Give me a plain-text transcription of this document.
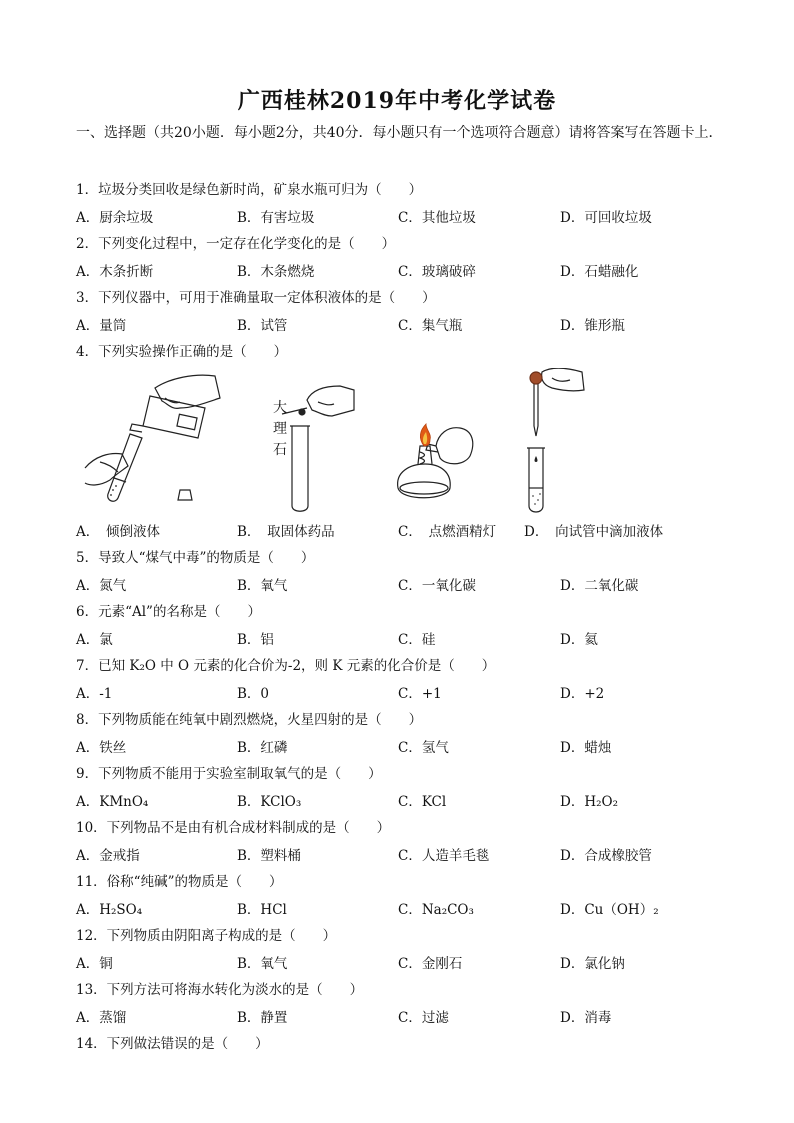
广西桂林2019年中考化学试卷
一、选择题（共20小题．每小题2分，共40分．每小题只有一个选项符合题意）请将答案写在答题卡上．
1．垃圾分类回收是绿色新时尚，矿泉水瓶可归为（　　）
A．厨余垃圾	B．有害垃圾	C．其他垃圾	D．可回收垃圾
2．下列变化过程中，一定存在化学变化的是（　　）
A．木条折断	B．木条燃烧	C．玻璃破碎	D．石蜡融化
3．下列仪器中，可用于准确量取一定体积液体的是（　　）
A．量筒	B．试管	C．集气瓶	D．锥形瓶
4．下列实验操作正确的是（　　）
大
理
石
A．　倾倒液体	B．　取固体药品	C．　点燃酒精灯 D．　向试管中滴加液体
5．导致人“煤气中毒”的物质是（　　）
A．氮气	B．氧气	C．一氧化碳	D．二氧化碳
6．元素“Al”的名称是（　　）
A．氯	B．铝	C．硅	D．氦
7．已知 K₂O 中 O 元素的化合价为-2，则 K 元素的化合价是（　　）
A．-1	B．0	C．+1	D．+2
8．下列物质能在纯氧中剧烈燃烧，火星四射的是（　　）
A．铁丝	B．红磷	C．氢气	D．蜡烛
9．下列物质不能用于实验室制取氧气的是（　　）
A．KMnO₄	B．KClO₃	C．KCl	D．H₂O₂
10．下列物品不是由有机合成材料制成的是（　　）
A．金戒指	B．塑料桶	C．人造羊毛毯	D．合成橡胶管
11．俗称“纯碱”的物质是（　　）
A．H₂SO₄	B．HCl	C．Na₂CO₃	D．Cu（OH）₂
12．下列物质由阴阳离子构成的是（　　）
A．铜	B．氧气	C．金刚石	D．氯化钠
13．下列方法可将海水转化为淡水的是（　　）
A．蒸馏	B．静置	C．过滤	D．消毒
14．下列做法错误的是（　　）
